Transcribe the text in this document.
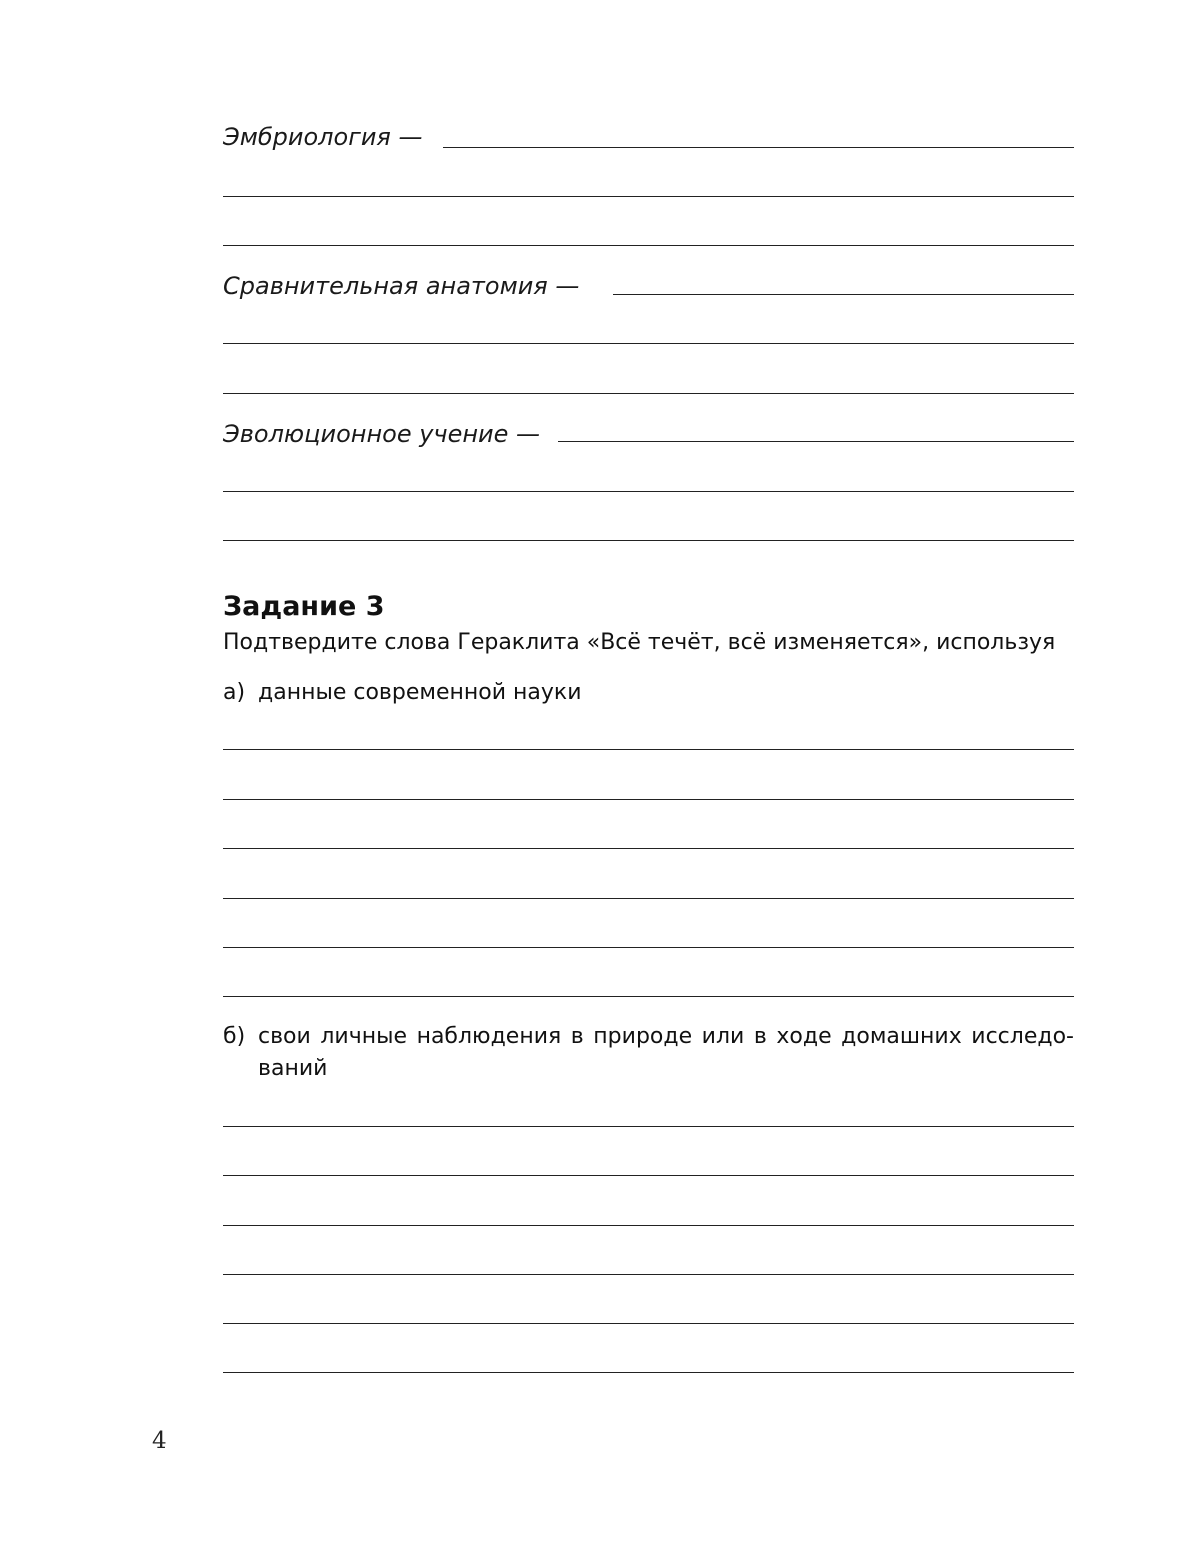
Эмбриология —
Сравнительная анатомия —
Эволюционное учение —
Задание 3
Подтвердите слова Гераклита «Всё течёт, всё изменяется», используя
а) данные современной науки
б) свои личные наблюдения в природе или в ходе домашних исследо-ваний
4
